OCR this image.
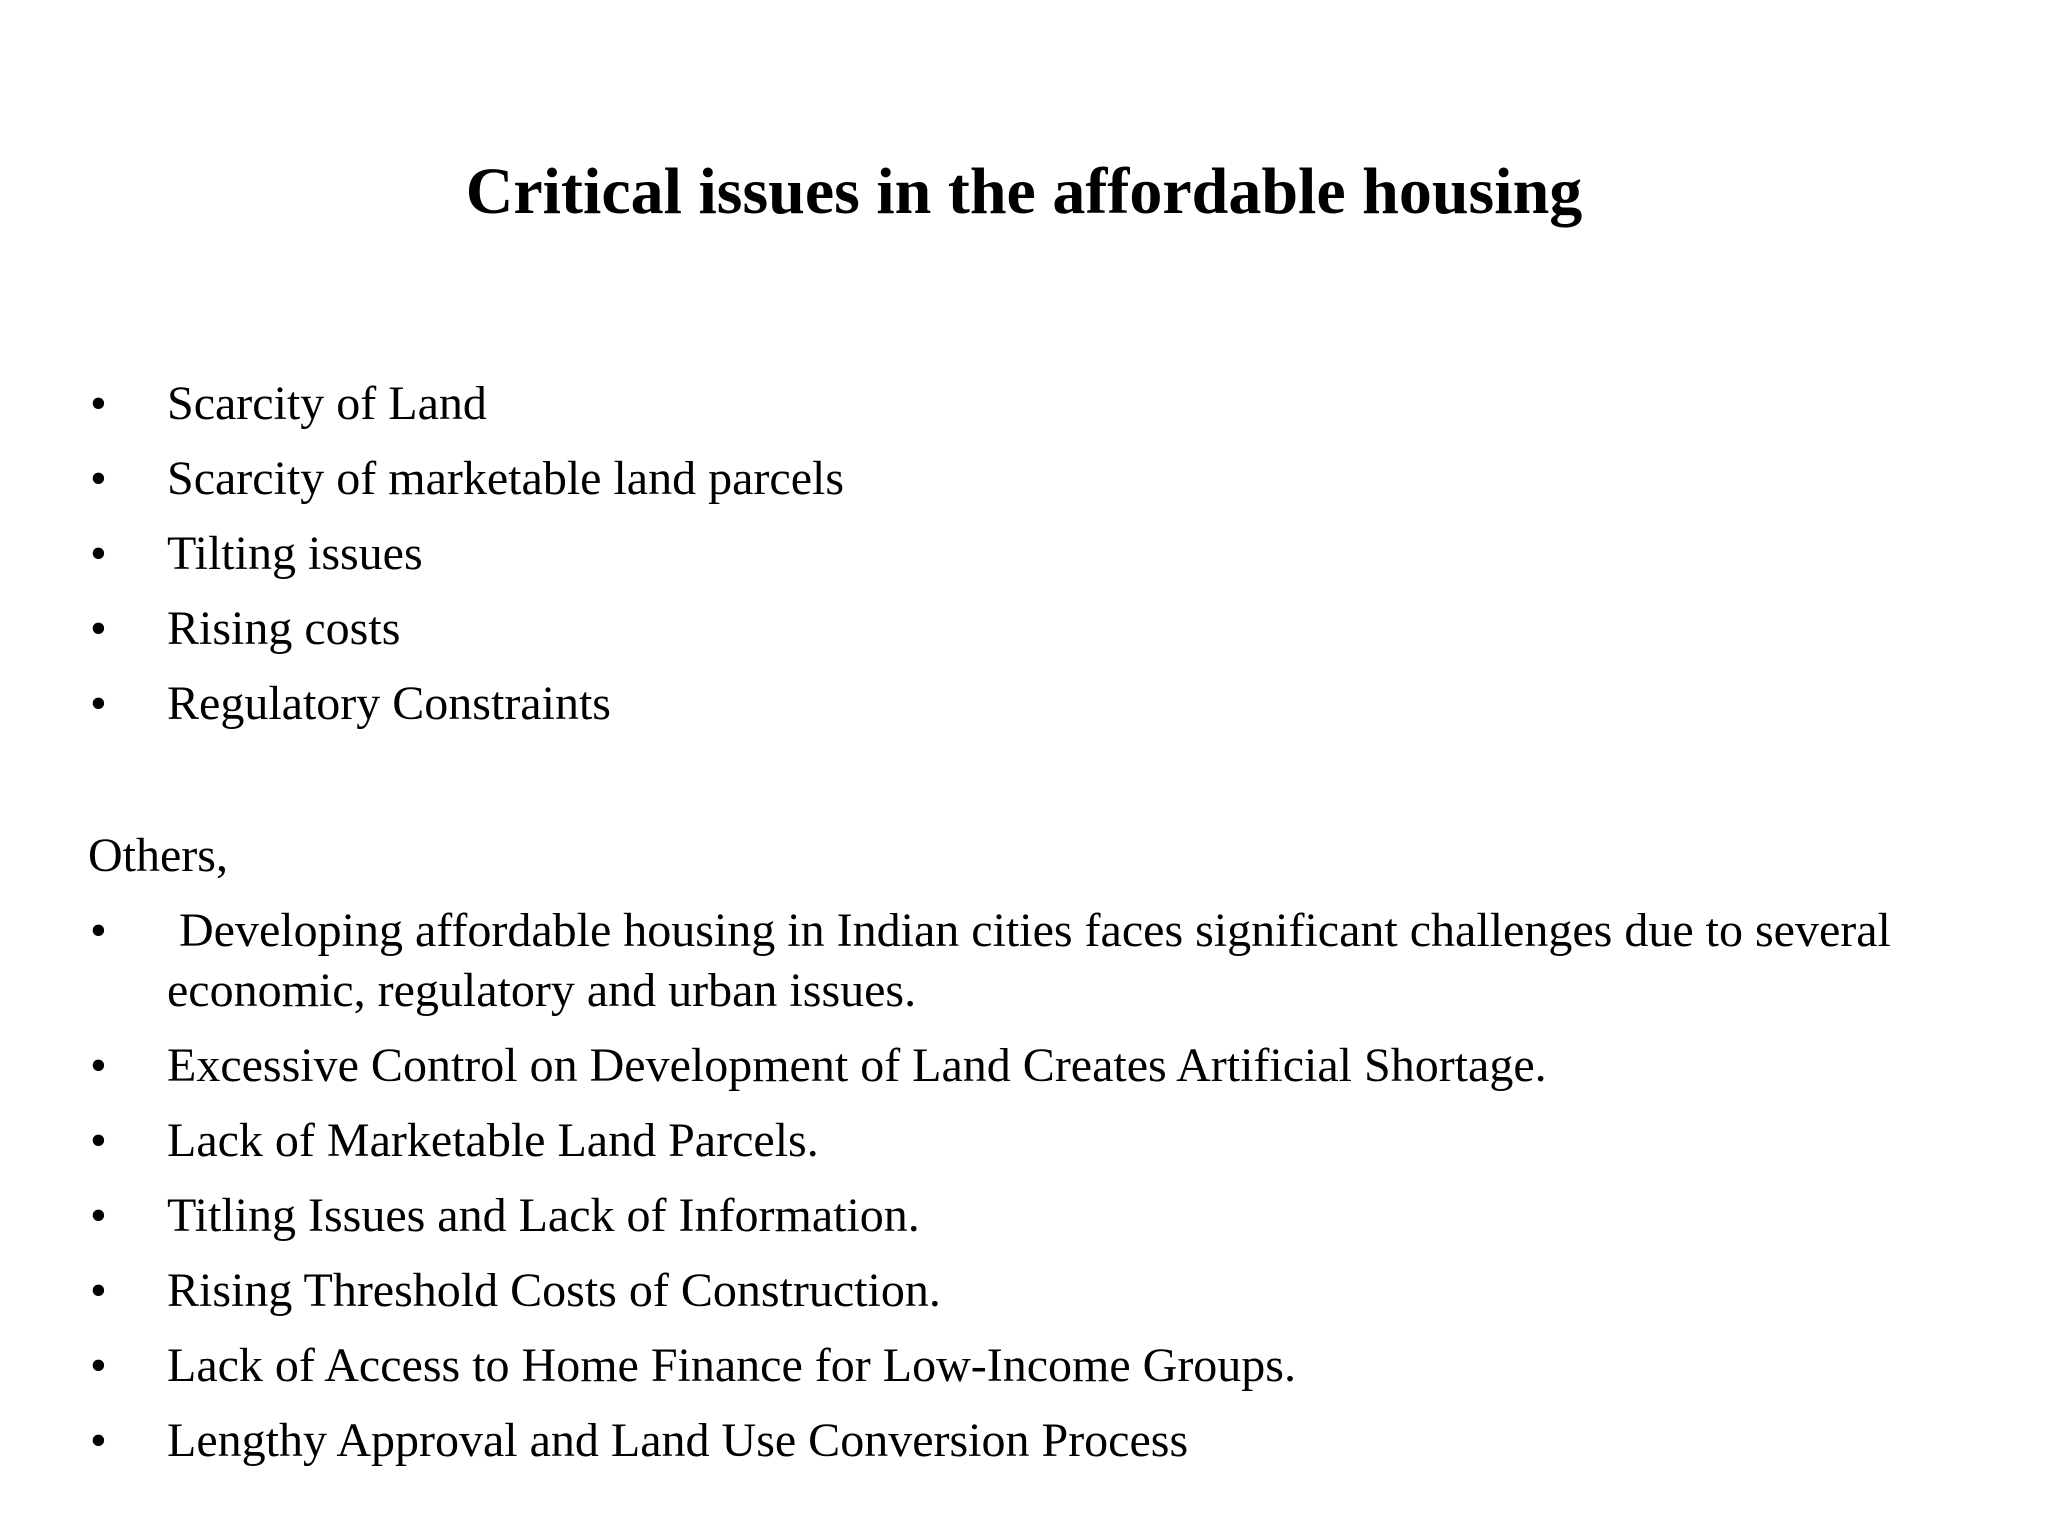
Critical issues in the affordable housing
• Scarcity of Land
• Scarcity of marketable land parcels
• Tilting issues
• Rising costs
• Regulatory Constraints

Others,

• Developing affordable housing in Indian cities faces significant challenges due to several economic, regulatory and urban issues.
• Excessive Control on Development of Land Creates Artificial Shortage.
• Lack of Marketable Land Parcels.
• Titling Issues and Lack of Information.
• Rising Threshold Costs of Construction.
• Lack of Access to Home Finance for Low-Income Groups.
• Lengthy Approval and Land Use Conversion Process
